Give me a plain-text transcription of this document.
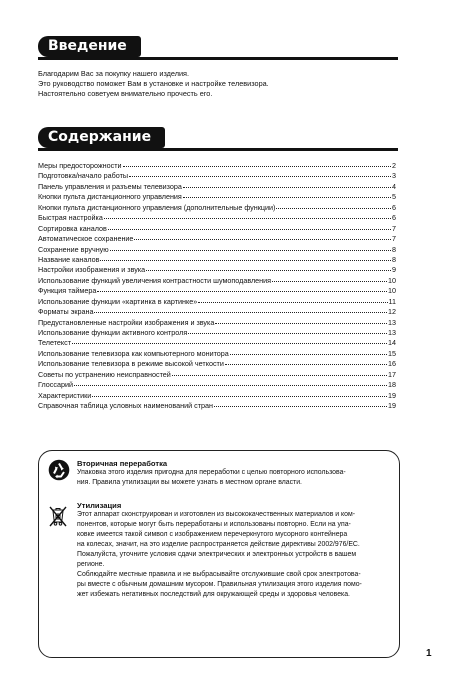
Введение
Благодарим Вас за покупку нашего изделия.
Это руководство поможет Вам в установке и настройке телевизора.
Настоятельно советуем внимательно прочесть его.
Содержание
Меры предосторожности	2
Подготовка/начало работы	3
Панель управления и разъемы телевизора	4
Кнопки пульта дистанционного управления	5
Кнопки пульта дистанционного управления (дополнительные функции)	6
Быстрая настройка	6
Сортировка каналов	7
Автоматическое сохранение	7
Сохранение вручную	8
Название каналов	8
Настройки изображения и звука	9
Использование функций увеличения контрастности шумоподавления	10
Функция таймера	10
Использование функции «картинка в картинке»	11
Форматы экрана	12
Предустановленные настройки изображения и звука	13
Использование функции активного контроля	13
Телетекст	14
Использование телевизора как компьютерного монитора	15
Использование телевизора в режиме высокой четкости	16
Советы по устранению неисправностей	17
Глоссарий	18
Характеристики	19
Справочная таблица условных наименований стран	19
Вторичная переработка
Упаковка этого изделия пригодна для переработки с целью повторного использова-
ния. Правила утилизации вы можете узнать в местном органе власти.
Утилизация
Этот аппарат сконструирован и изготовлен из высококачественных материалов и ком-
понентов, которые могут быть переработаны и использованы повторно. Если на упа-
ковке имеется такой символ с изображением перечеркнутого мусорного контейнера
на колесах, значит, на это изделие распространяется действие директивы 2002/976/EC.
Пожалуйста, уточните условия сдачи электрических и электронных устройств в вашем
регионе.
Соблюдайте местные правила и не выбрасывайте отслужившие свой срок электротова-
ры вместе с обычным домашним мусором. Правильная утилизация этого изделия помо-
жет избежать негативных последствий для окружающей среды и здоровья человека.
1
